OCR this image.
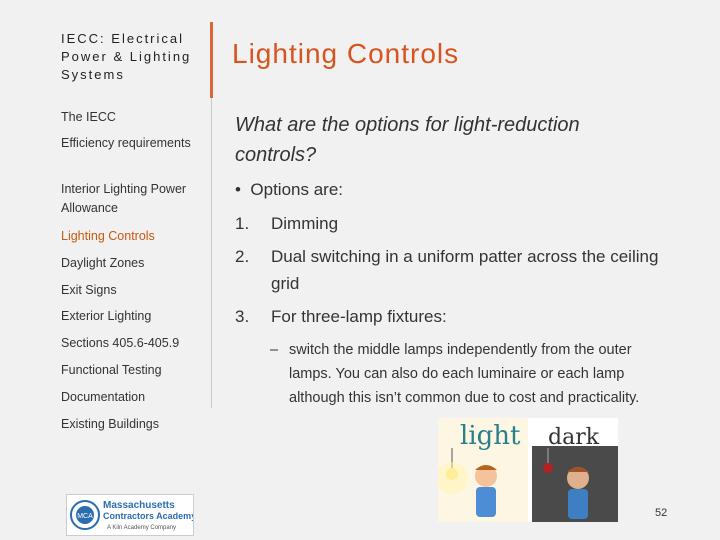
IECC: Electrical Power & Lighting Systems
The IECC
Efficiency requirements
Interior Lighting Power Allowance
Lighting Controls
Daylight Zones
Exit Signs
Exterior Lighting
Sections 405.6-405.9
Functional Testing
Documentation
Existing Buildings
MCA
Massachusetts
Contractors Academy
A Kiln Academy Company
Lighting Controls
What are the options for light-reduction controls?
• Options are:
1. Dimming
2. Dual switching in a uniform patter across the ceiling grid
3. For three-lamp fixtures:
– switch the middle lamps independently from the outer lamps. You can also do each luminaire or each lamp although this isn’t common due to cost and practicality.
light dark
52
